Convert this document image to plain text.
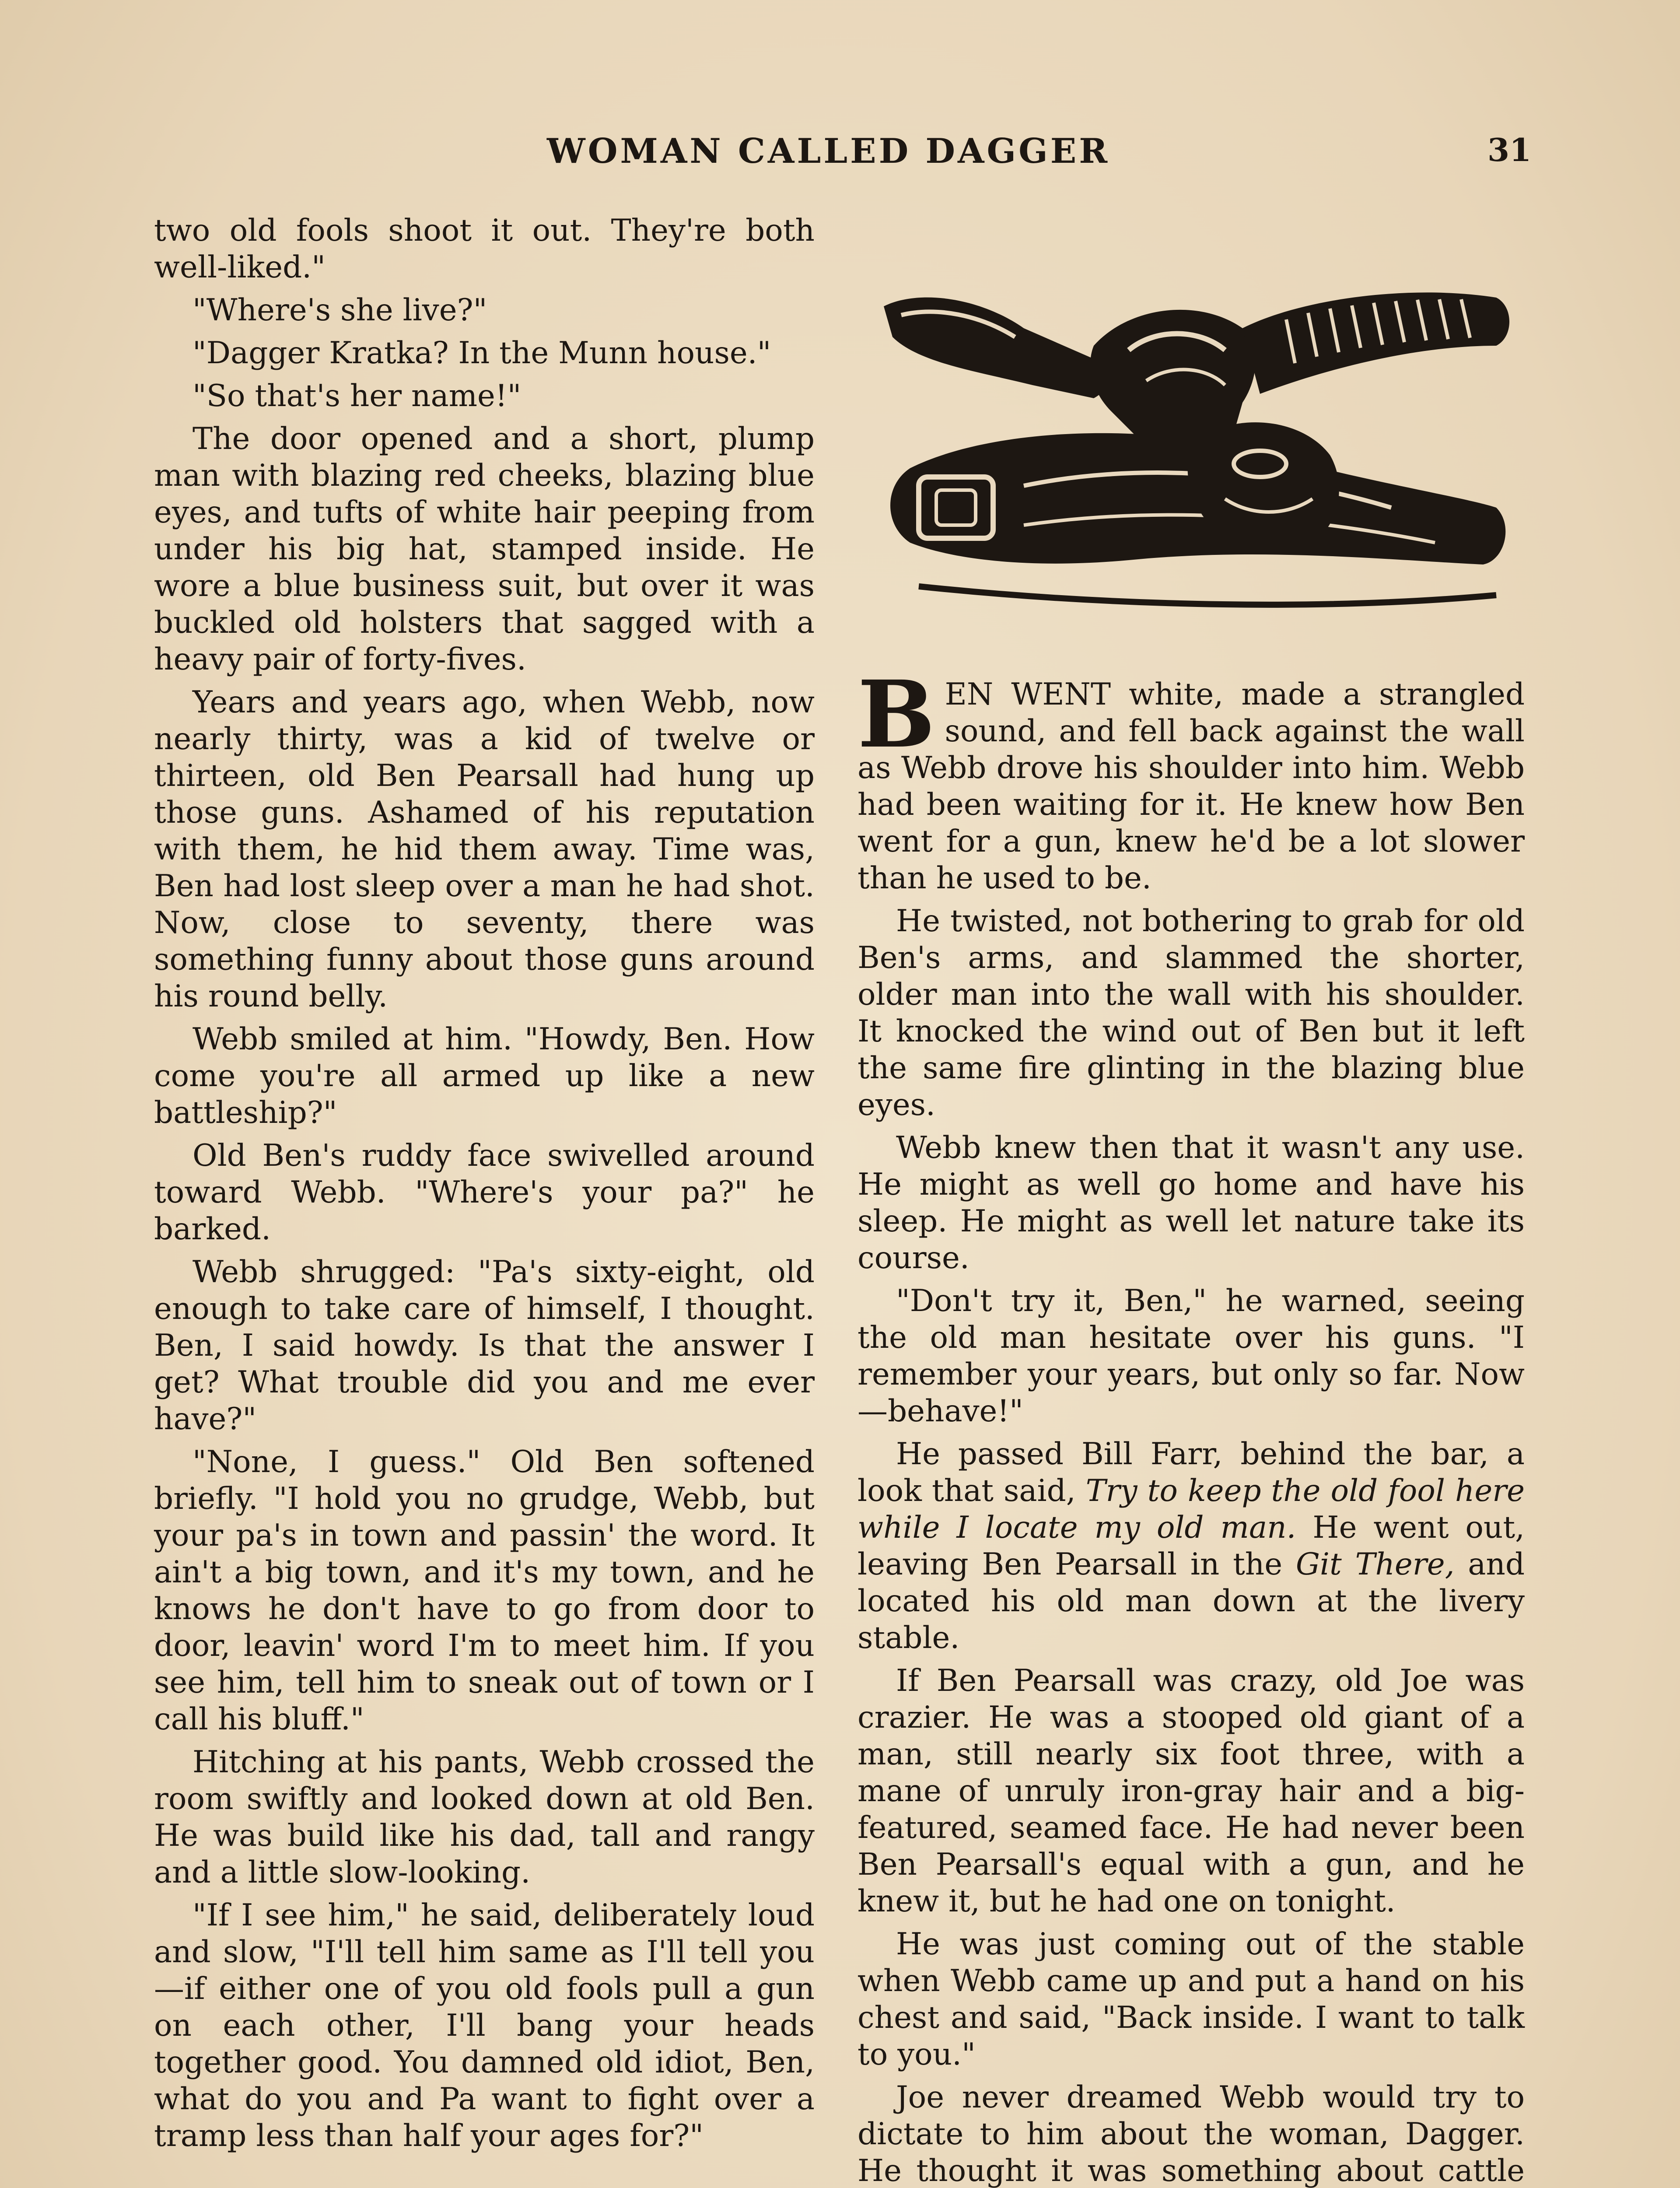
WOMAN CALLED DAGGER	31

two old fools shoot it out. They're both well-liked."

"Where's she live?"

"Dagger Kratka? In the Munn house."

"So that's her name!"

The door opened and a short, plump man with blazing red cheeks, blazing blue eyes, and tufts of white hair peeping from under his big hat, stamped inside. He wore a blue business suit, but over it was buckled old holsters that sagged with a heavy pair of forty-fives.

Years and years ago, when Webb, now nearly thirty, was a kid of twelve or thirteen, old Ben Pearsall had hung up those guns. Ashamed of his reputation with them, he hid them away. Time was, Ben had lost sleep over a man he had shot. Now, close to seventy, there was something funny about those guns around his round belly.

Webb smiled at him. "Howdy, Ben. How come you're all armed up like a new battleship?"

Old Ben's ruddy face swivelled around toward Webb. "Where's your pa?" he barked.

Webb shrugged: "Pa's sixty-eight, old enough to take care of himself, I thought. Ben, I said howdy. Is that the answer I get? What trouble did you and me ever have?"

"None, I guess." Old Ben softened briefly. "I hold you no grudge, Webb, but your pa's in town and passin' the word. It ain't a big town, and it's my town, and he knows he don't have to go from door to door, leavin' word I'm to meet him. If you see him, tell him to sneak out of town or I call his bluff."

Hitching at his pants, Webb crossed the room swiftly and looked down at old Ben. He was build like his dad, tall and rangy and a little slow-looking.

"If I see him," he said, deliberately loud and slow, "I'll tell him same as I'll tell you—if either one of you old fools pull a gun on each other, I'll bang your heads together good. You damned old idiot, Ben, what do you and Pa want to fight over a tramp less than half your ages for?"

BEN WENT white, made a strangled sound, and fell back against the wall as Webb drove his shoulder into him. Webb had been waiting for it. He knew how Ben went for a gun, knew he'd be a lot slower than he used to be.

He twisted, not bothering to grab for old Ben's arms, and slammed the shorter, older man into the wall with his shoulder. It knocked the wind out of Ben but it left the same fire glinting in the blazing blue eyes.

Webb knew then that it wasn't any use. He might as well go home and have his sleep. He might as well let nature take its course.

"Don't try it, Ben," he warned, seeing the old man hesitate over his guns. "I remember your years, but only so far. Now—behave!"

He passed Bill Farr, behind the bar, a look that said, Try to keep the old fool here while I locate my old man. He went out, leaving Ben Pearsall in the Git There, and located his old man down at the livery stable.

If Ben Pearsall was crazy, old Joe was crazier. He was a stooped old giant of a man, still nearly six foot three, with a mane of unruly iron-gray hair and a big-featured, seamed face. He had never been Ben Pearsall's equal with a gun, and he knew it, but he had one on tonight.

He was just coming out of the stable when Webb came up and put a hand on his chest and said, "Back inside. I want to talk to you."

Joe never dreamed Webb would try to dictate to him about the woman, Dagger. He thought it was something about cattle
